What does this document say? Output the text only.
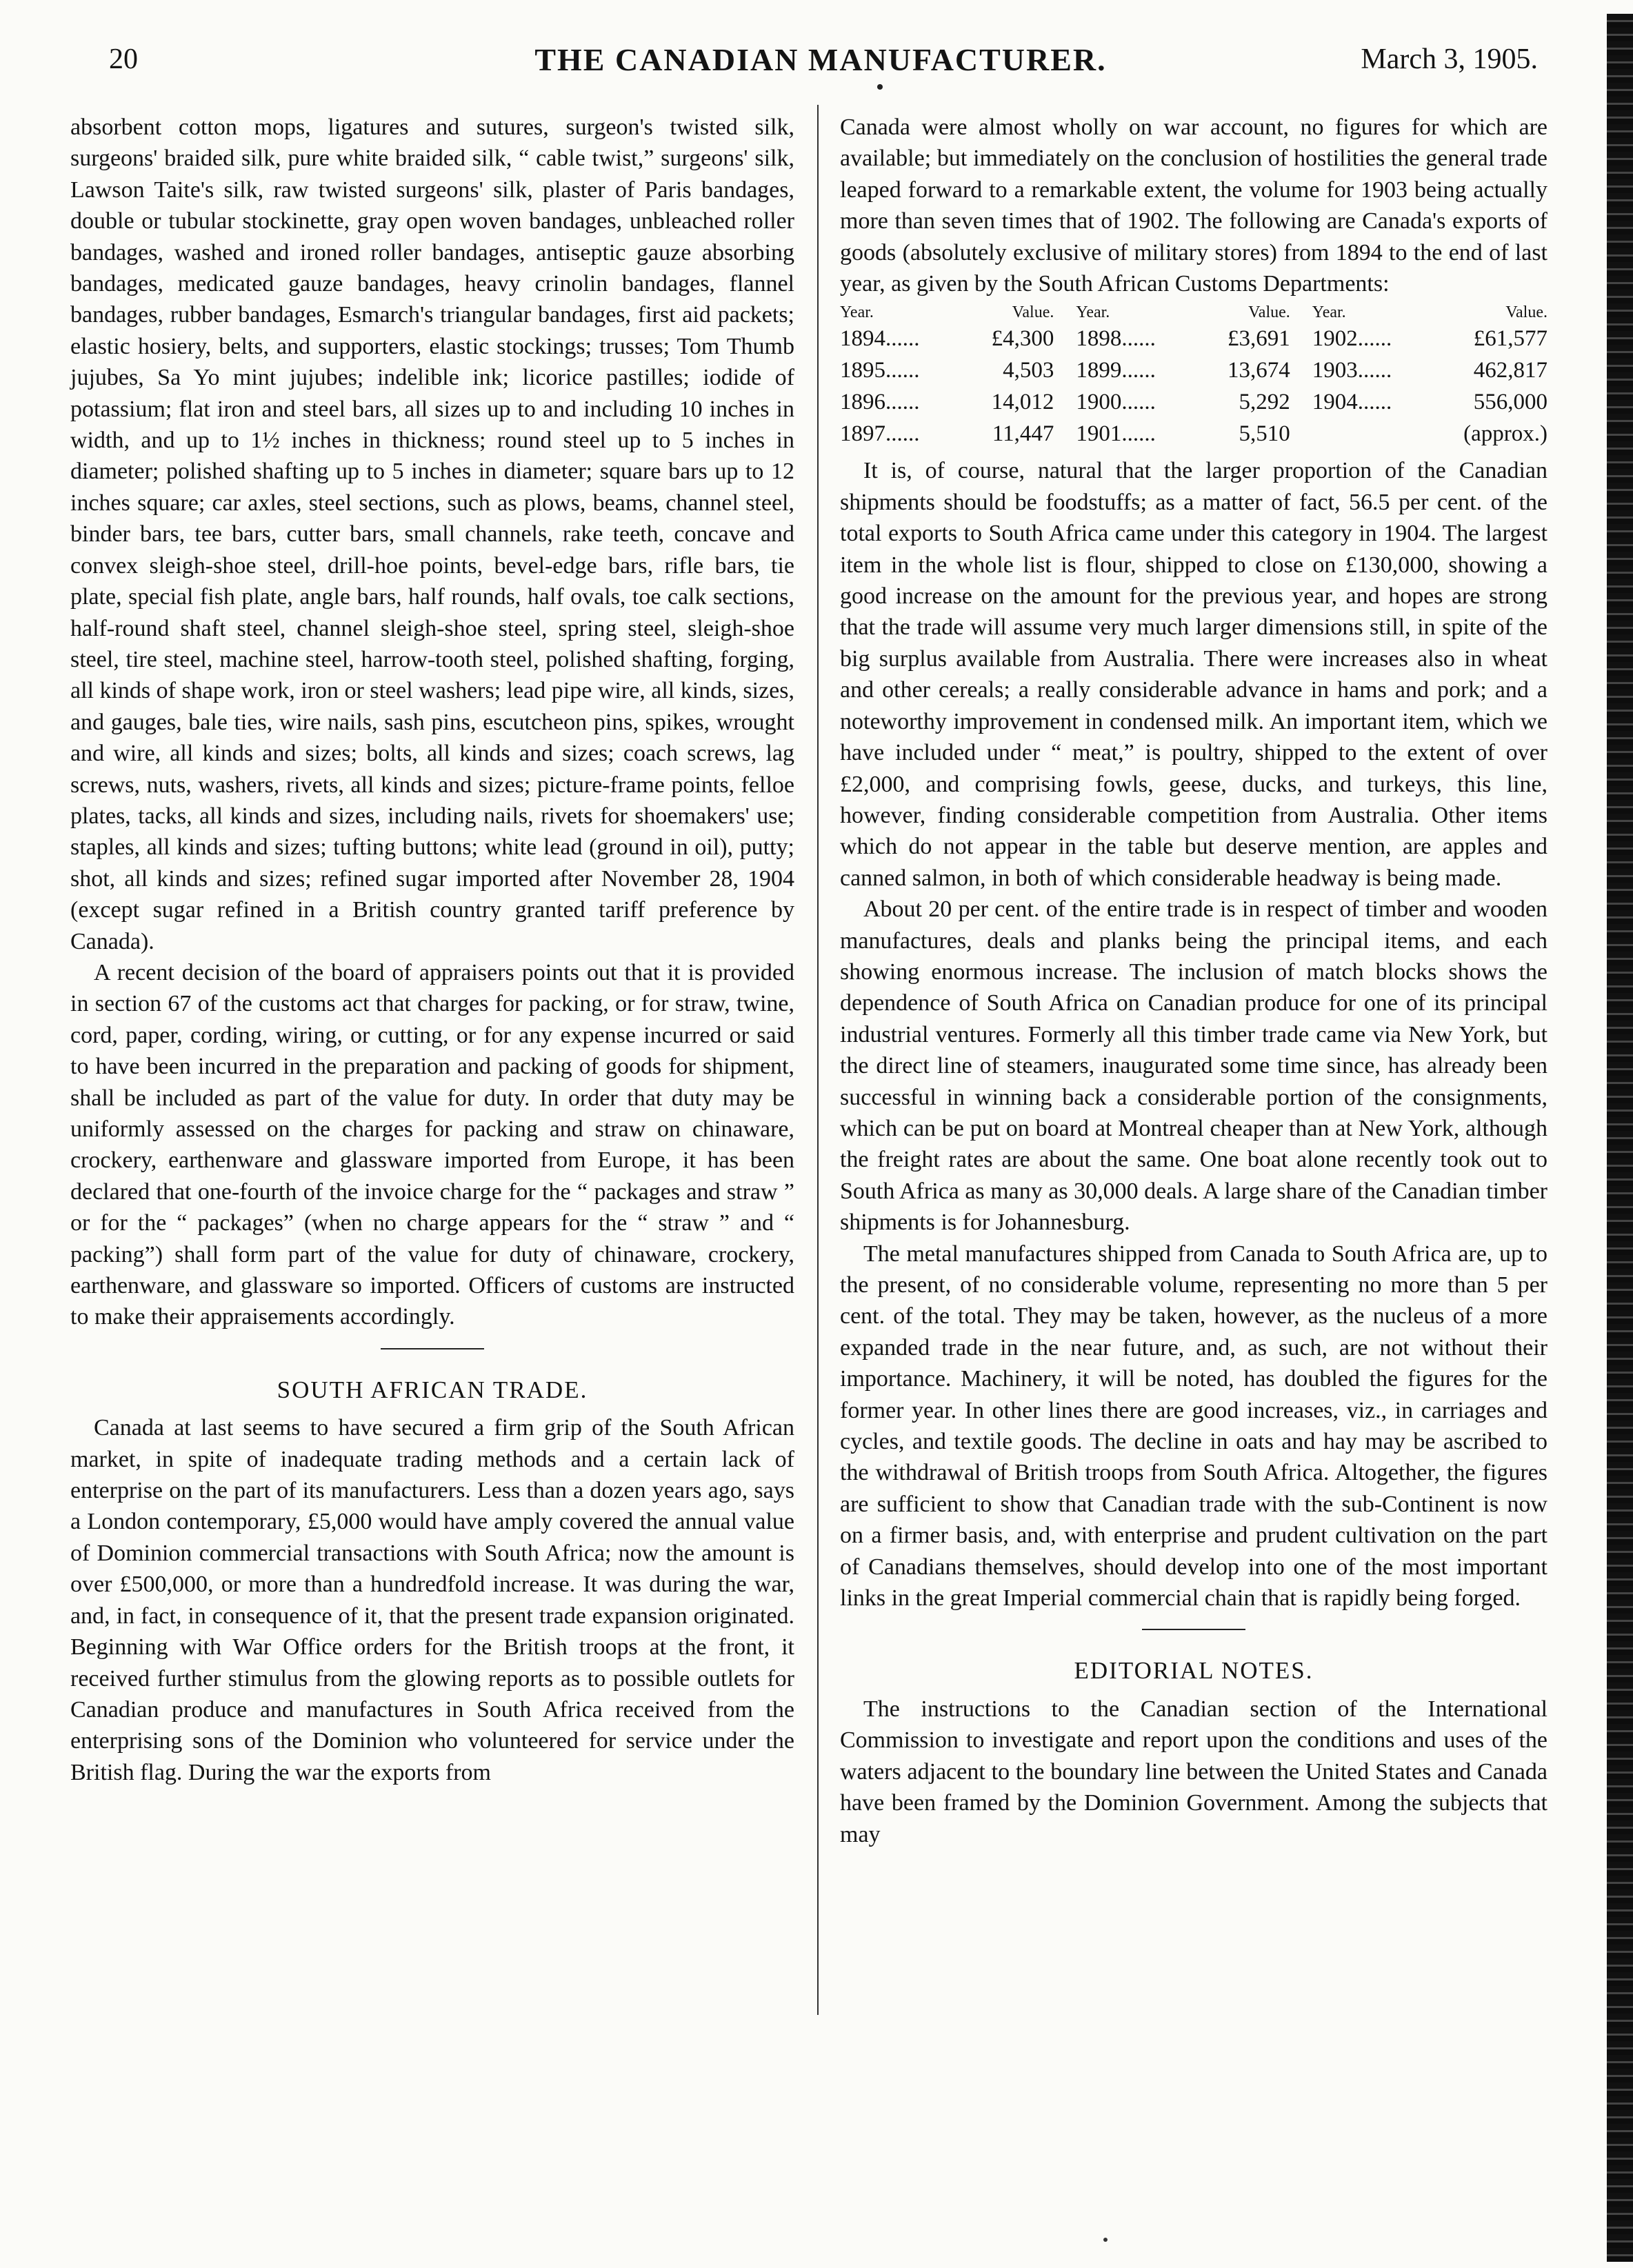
20	THE CANADIAN MANUFACTURER.	March 3, 1905.

absorbent cotton mops, ligatures and sutures, surgeon's twisted silk, surgeons' braided silk, pure white braided silk, “ cable twist,” surgeons' silk, Lawson Taite's silk, raw twisted surgeons' silk, plaster of Paris bandages, double or tubular stockinette, gray open woven bandages, unbleached roller bandages, washed and ironed roller bandages, antiseptic gauze absorbing bandages, medicated gauze bandages, heavy crinolin bandages, flannel bandages, rubber bandages, Esmarch's triangular bandages, first aid packets; elastic hosiery, belts, and supporters, elastic stockings; trusses; Tom Thumb jujubes, Sa Yo mint jujubes; indelible ink; licorice pastilles; iodide of potassium; flat iron and steel bars, all sizes up to and including 10 inches in width, and up to 1½ inches in thickness; round steel up to 5 inches in diameter; polished shafting up to 5 inches in diameter; square bars up to 12 inches square; car axles, steel sections, such as plows, beams, channel steel, binder bars, tee bars, cutter bars, small channels, rake teeth, concave and convex sleigh-shoe steel, drill-hoe points, bevel-edge bars, rifle bars, tie plate, special fish plate, angle bars, half rounds, half ovals, toe calk sections, half-round shaft steel, channel sleigh-shoe steel, spring steel, sleigh-shoe steel, tire steel, machine steel, harrow-tooth steel, polished shafting, forging, all kinds of shape work, iron or steel washers; lead pipe wire, all kinds, sizes, and gauges, bale ties, wire nails, sash pins, escutcheon pins, spikes, wrought and wire, all kinds and sizes; bolts, all kinds and sizes; coach screws, lag screws, nuts, washers, rivets, all kinds and sizes; picture-frame points, felloe plates, tacks, all kinds and sizes, including nails, rivets for shoemakers' use; staples, all kinds and sizes; tufting buttons; white lead (ground in oil), putty; shot, all kinds and sizes; refined sugar imported after November 28, 1904 (except sugar refined in a British country granted tariff preference by Canada).

A recent decision of the board of appraisers points out that it is provided in section 67 of the customs act that charges for packing, or for straw, twine, cord, paper, cording, wiring, or cutting, or for any expense incurred or said to have been incurred in the preparation and packing of goods for shipment, shall be included as part of the value for duty. In order that duty may be uniformly assessed on the charges for packing and straw on chinaware, crockery, earthenware and glassware imported from Europe, it has been declared that one-fourth of the invoice charge for the “ packages and straw ” or for the “ packages” (when no charge appears for the “ straw ” and “ packing”) shall form part of the value for duty of chinaware, crockery, earthenware, and glassware so imported. Officers of customs are instructed to make their appraisements accordingly.

SOUTH AFRICAN TRADE.

Canada at last seems to have secured a firm grip of the South African market, in spite of inadequate trading methods and a certain lack of enterprise on the part of its manufacturers. Less than a dozen years ago, says a London contemporary, £5,000 would have amply covered the annual value of Dominion commercial transactions with South Africa; now the amount is over £500,000, or more than a hundredfold increase. It was during the war, and, in fact, in consequence of it, that the present trade expansion originated. Beginning with War Office orders for the British troops at the front, it received further stimulus from the glowing reports as to possible outlets for Canadian produce and manufactures in South Africa received from the enterprising sons of the Dominion who volunteered for service under the British flag. During the war the exports from

Canada were almost wholly on war account, no figures for which are available; but immediately on the conclusion of hostilities the general trade leaped forward to a remarkable extent, the volume for 1903 being actually more than seven times that of 1902. The following are Canada's exports of goods (absolutely exclusive of military stores) from 1894 to the end of last year, as given by the South African Customs Departments:

Year.	Value.	Year.	Value.	Year.	Value.
1894......	£4,300	1898......	£3,691	1902......	£61,577
1895......	4,503	1899......	13,674	1903......	462,817
1896......	14,012	1900......	5,292	1904......	556,000
1897......	11,447	1901......	5,510		(approx.)

It is, of course, natural that the larger proportion of the Canadian shipments should be foodstuffs; as a matter of fact, 56.5 per cent. of the total exports to South Africa came under this category in 1904. The largest item in the whole list is flour, shipped to close on £130,000, showing a good increase on the amount for the previous year, and hopes are strong that the trade will assume very much larger dimensions still, in spite of the big surplus available from Australia. There were increases also in wheat and other cereals; a really considerable advance in hams and pork; and a noteworthy improvement in condensed milk. An important item, which we have included under “ meat,” is poultry, shipped to the extent of over £2,000, and comprising fowls, geese, ducks, and turkeys, this line, however, finding considerable competition from Australia. Other items which do not appear in the table but deserve mention, are apples and canned salmon, in both of which considerable headway is being made.

About 20 per cent. of the entire trade is in respect of timber and wooden manufactures, deals and planks being the principal items, and each showing enormous increase. The inclusion of match blocks shows the dependence of South Africa on Canadian produce for one of its principal industrial ventures. Formerly all this timber trade came via New York, but the direct line of steamers, inaugurated some time since, has already been successful in winning back a considerable portion of the consignments, which can be put on board at Montreal cheaper than at New York, although the freight rates are about the same. One boat alone recently took out to South Africa as many as 30,000 deals. A large share of the Canadian timber shipments is for Johannesburg.

The metal manufactures shipped from Canada to South Africa are, up to the present, of no considerable volume, representing no more than 5 per cent. of the total. They may be taken, however, as the nucleus of a more expanded trade in the near future, and, as such, are not without their importance. Machinery, it will be noted, has doubled the figures for the former year. In other lines there are good increases, viz., in carriages and cycles, and textile goods. The decline in oats and hay may be ascribed to the withdrawal of British troops from South Africa. Altogether, the figures are sufficient to show that Canadian trade with the sub-Continent is now on a firmer basis, and, with enterprise and prudent cultivation on the part of Canadians themselves, should develop into one of the most important links in the great Imperial commercial chain that is rapidly being forged.

EDITORIAL NOTES.

The instructions to the Canadian section of the International Commission to investigate and report upon the conditions and uses of the waters adjacent to the boundary line between the United States and Canada have been framed by the Dominion Government. Among the subjects that may
